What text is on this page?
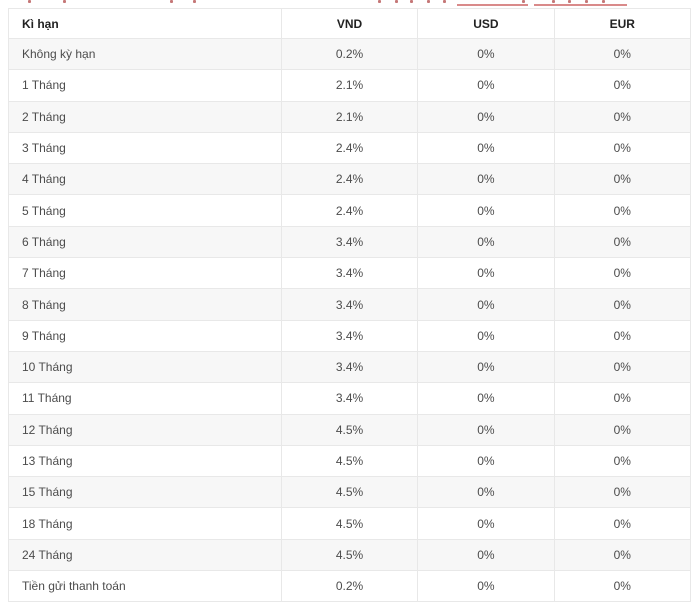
Kì hạn	VND	USD	EUR
Không kỳ hạn	0.2%	0%	0%
1 Tháng	2.1%	0%	0%
2 Tháng	2.1%	0%	0%
3 Tháng	2.4%	0%	0%
4 Tháng	2.4%	0%	0%
5 Tháng	2.4%	0%	0%
6 Tháng	3.4%	0%	0%
7 Tháng	3.4%	0%	0%
8 Tháng	3.4%	0%	0%
9 Tháng	3.4%	0%	0%
10 Tháng	3.4%	0%	0%
11 Tháng	3.4%	0%	0%
12 Tháng	4.5%	0%	0%
13 Tháng	4.5%	0%	0%
15 Tháng	4.5%	0%	0%
18 Tháng	4.5%	0%	0%
24 Tháng	4.5%	0%	0%
Tiền gửi thanh toán	0.2%	0%	0%
